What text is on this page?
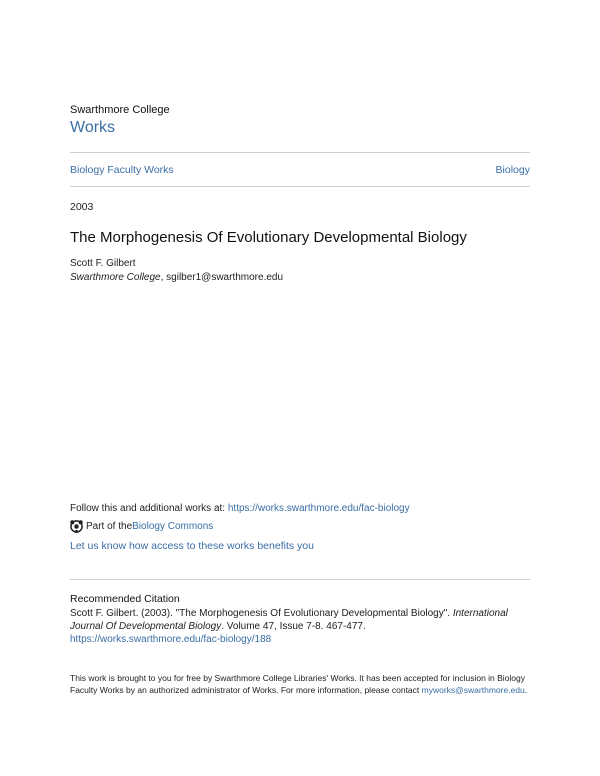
Swarthmore College
Works
Biology Faculty Works	Biology
2003
The Morphogenesis Of Evolutionary Developmental Biology
Scott F. Gilbert
Swarthmore College, sgilber1@swarthmore.edu
Follow this and additional works at: https://works.swarthmore.edu/fac-biology
Part of the Biology Commons
Let us know how access to these works benefits you
Recommended Citation
Scott F. Gilbert. (2003). "The Morphogenesis Of Evolutionary Developmental Biology". International Journal Of Developmental Biology. Volume 47, Issue 7-8. 467-477.
https://works.swarthmore.edu/fac-biology/188
This work is brought to you for free by Swarthmore College Libraries' Works. It has been accepted for inclusion in Biology Faculty Works by an authorized administrator of Works. For more information, please contact myworks@swarthmore.edu.
